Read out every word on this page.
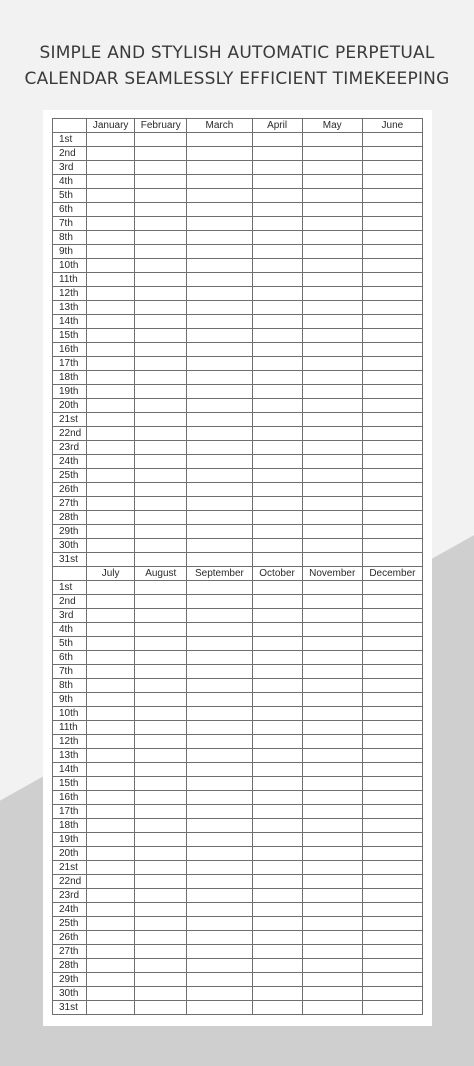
SIMPLE AND STYLISH AUTOMATIC PERPETUAL
CALENDAR SEAMLESSLY EFFICIENT TIMEKEEPING
	January	February	March	April	May	June
1st						
2nd						
3rd						
4th						
5th						
6th						
7th						
8th						
9th						
10th						
11th						
12th						
13th						
14th						
15th						
16th						
17th						
18th						
19th						
20th						
21st						
22nd						
23rd						
24th						
25th						
26th						
27th						
28th						
29th						
30th						
31st						
	July	August	September	October	November	December
1st						
2nd						
3rd						
4th						
5th						
6th						
7th						
8th						
9th						
10th						
11th						
12th						
13th						
14th						
15th						
16th						
17th						
18th						
19th						
20th						
21st						
22nd						
23rd						
24th						
25th						
26th						
27th						
28th						
29th						
30th						
31st						
